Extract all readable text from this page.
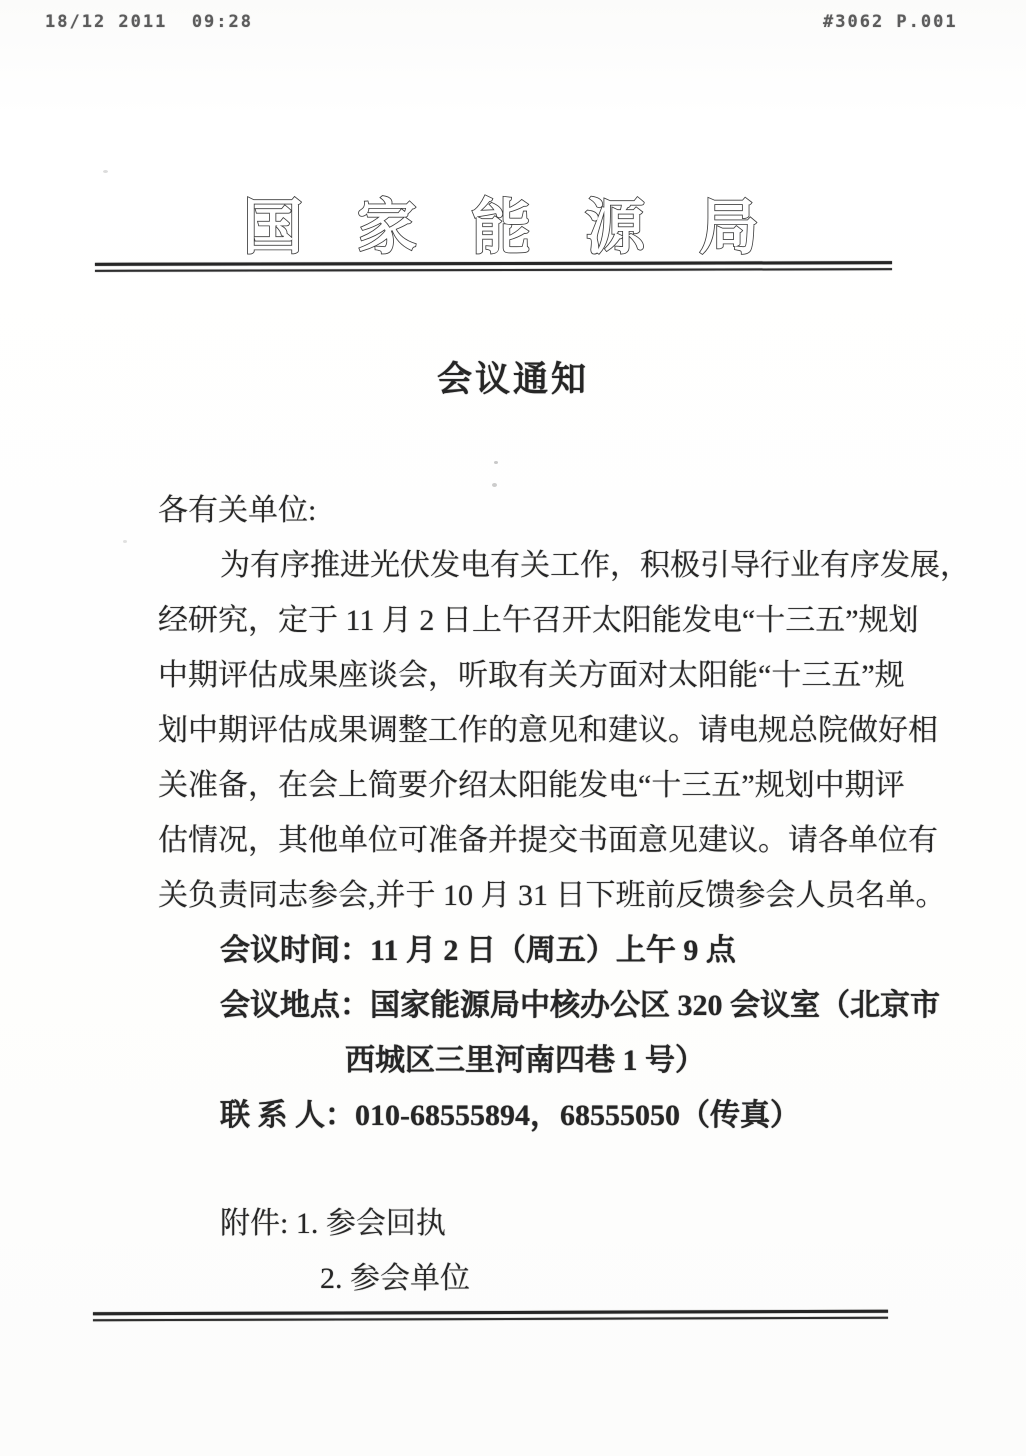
18/12 2011  09:28	#3062 P.001
国家能源局
会议通知
各有关单位:
为有序推进光伏发电有关工作，积极引导行业有序发展，
经研究，定于 11 月 2 日上午召开太阳能发电“十三五”规划
中期评估成果座谈会，听取有关方面对太阳能“十三五”规
划中期评估成果调整工作的意见和建议。请电规总院做好相
关准备，在会上简要介绍太阳能发电“十三五”规划中期评
估情况，其他单位可准备并提交书面意见建议。请各单位有
关负责同志参会,并于 10 月 31 日下班前反馈参会人员名单。
会议时间：11 月 2 日（周五）上午 9 点
会议地点：国家能源局中核办公区 320 会议室（北京市
西城区三里河南四巷 1 号）
联 系 人：010-68555894，68555050（传真）
附件: 1. 参会回执
2. 参会单位
